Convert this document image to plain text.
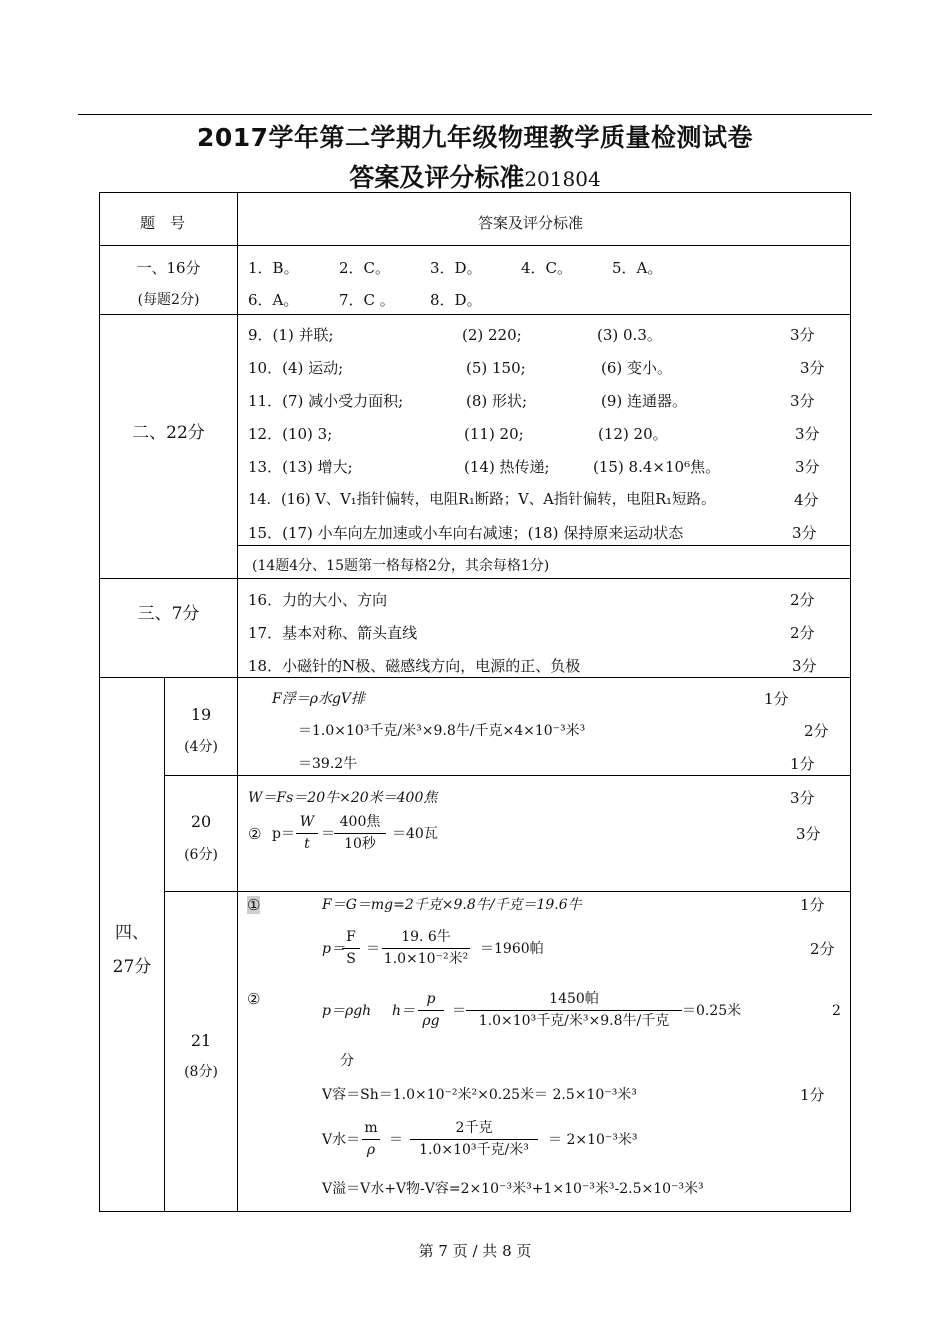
2017学年第二学期九年级物理教学质量检测试卷
答案及评分标准201804
题　号	答案及评分标准
一、16分
(每题2分)
1．B。	2．C。	3．D。	4．C。	5．A。
6．A。	7．C 。 8．D。
二、22分
9．(1) 并联;	(2) 220;	(3) 0.3。	3分
10．(4) 运动;	(5) 150;	(6) 变小。	3分
11．(7) 减小受力面积;	(8) 形状;	(9) 连通器。	3分
12．(10) 3;	(11) 20;	(12) 20。	3分
13．(13) 增大;	(14) 热传递;	(15) 8.4×10⁶焦。	3分
14．(16) V、V₁指针偏转，电阻R₁断路；V、A指针偏转，电阻R₁短路。	4分
15．(17) 小车向左加速或小车向右减速；(18) 保持原来运动状态	3分
(14题4分、15题第一格每格2分，其余每格1分)
三、7分
16．力的大小、方向	2分
17．基本对称、箭头直线	2分
18．小磁针的N极、磁感线方向，电源的正、负极	3分
四、
27分
19
(4分)
F浮＝ρ水gV排	1分
＝1.0×10³千克/米³×9.8牛/千克×4×10⁻³米³	2分
＝39.2牛	1分
20
(6分)
W＝Fs＝20牛×20米＝400焦	3分
② p＝
W
t
＝
400焦
10秒
＝40瓦	3分
21
(8分)
①	F＝G＝mg=2千克×9.8牛/千克＝19.6牛	1分
p＝
F
S
＝
19. 6牛
1.0×10⁻²米²
＝1960帕	2分
②
p＝ρgh h＝
p
ρg
＝
1450帕
1.0×10³千克/米³×9.8牛/千克
＝0.25米	2
分
V容＝Sh＝1.0×10⁻²米²×0.25米＝ 2.5×10⁻³米³	1分
V水＝
m
ρ
＝
2千克
1.0×10³千克/米³
＝ 2×10⁻³米³
V溢＝V水+V物-V容=2×10⁻³米³+1×10⁻³米³-2.5×10⁻³米³
第 7 页 / 共 8 页
